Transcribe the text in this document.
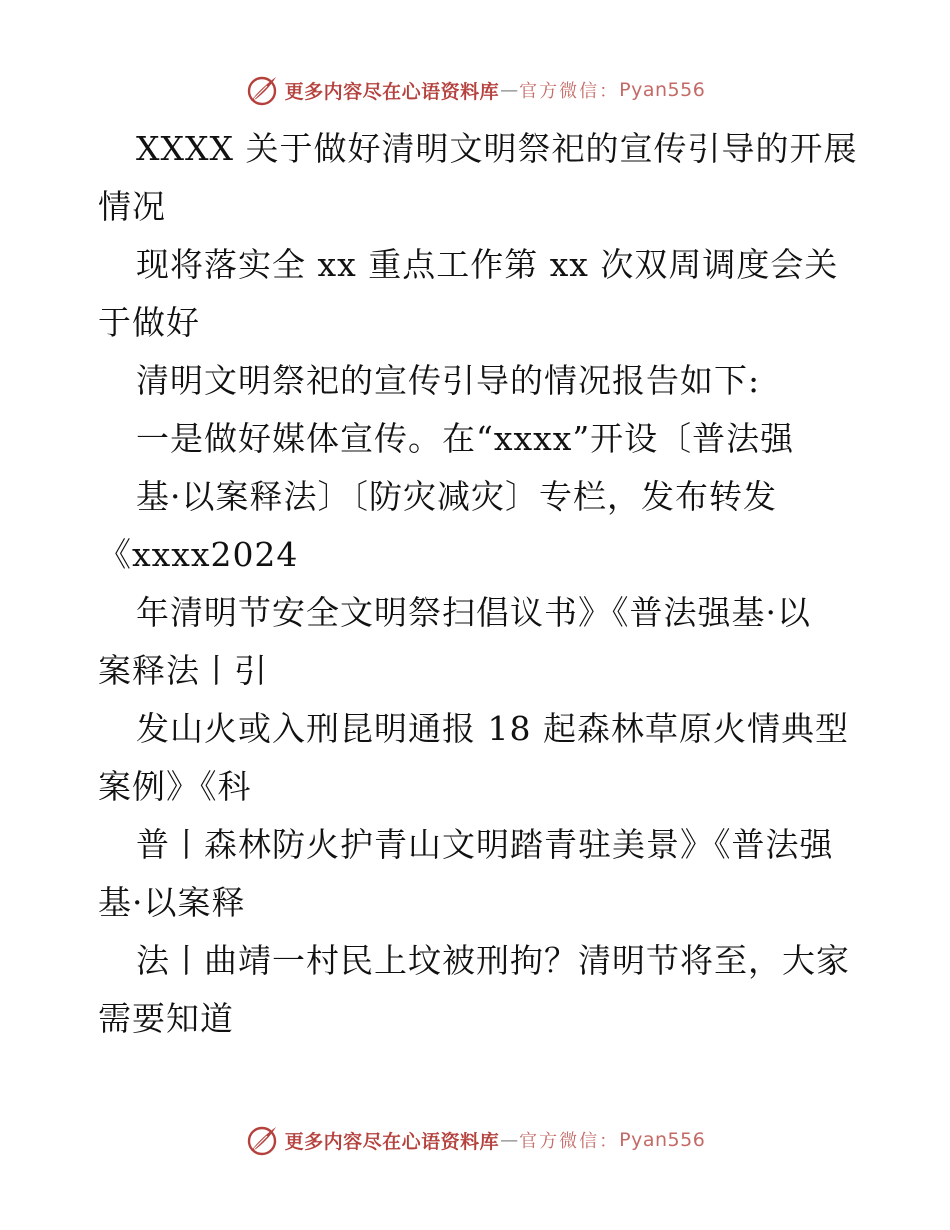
更多内容尽在心语资料库 — 官方微信： Pyan556
XXXX 关于做好清明文明祭祀的宣传引导的开展
情况
现将落实全 xx 重点工作第 xx 次双周调度会关
于做好
清明文明祭祀的宣传引导的情况报告如下:
一是做好媒体宣传。在“xxxx”开设〔普法强
基·以案释法〕〔防灾减灾〕专栏，发布转发
《xxxx2024
年清明节安全文明祭扫倡议书》《普法强基·以
案释法丨引
发山火或入刑昆明通报 18 起森林草原火情典型
案例》《科
普丨森林防火护青山文明踏青驻美景》《普法强
基·以案释
法丨曲靖一村民上坟被刑拘？清明节将至，大家
需要知道
更多内容尽在心语资料库 — 官方微信： Pyan556
